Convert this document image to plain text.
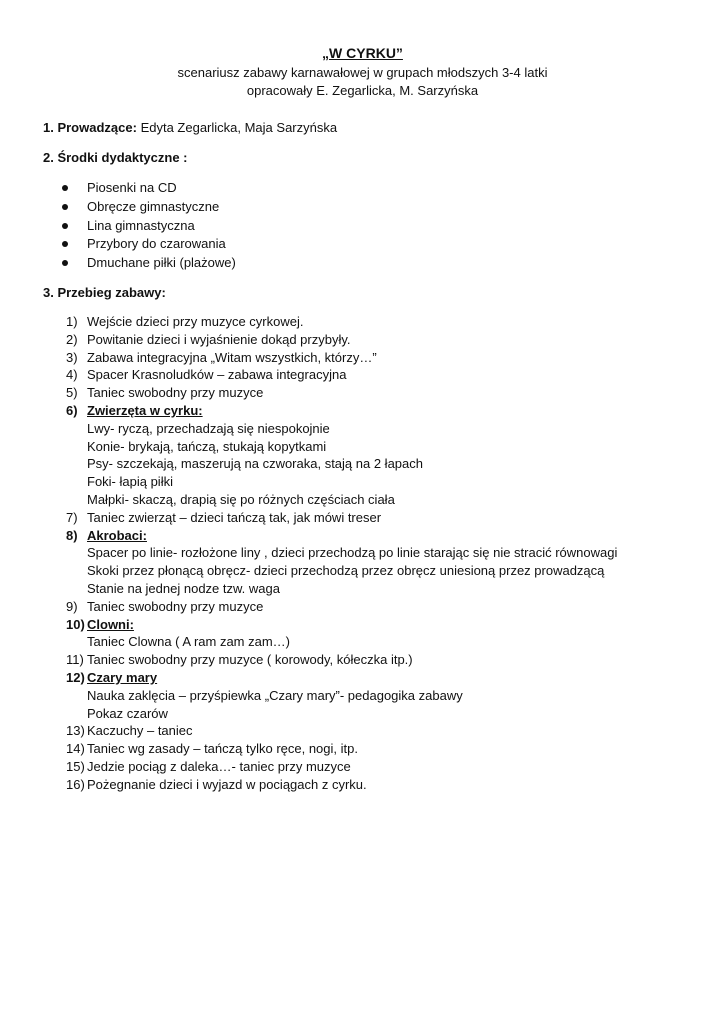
„W CYRKU”
scenariusz zabawy karnawałowej w grupach młodszych 3-4 latki
opracowały E. Zegarlicka, M. Sarzyńska
1. Prowadzące: Edyta Zegarlicka, Maja Sarzyńska
2. Środki dydaktyczne :
Piosenki na CD
Obręcze gimnastyczne
Lina gimnastyczna
Przybory do czarowania
Dmuchane piłki (plażowe)
3. Przebieg zabawy:
1) Wejście dzieci przy muzyce cyrkowej.
2) Powitanie dzieci i wyjaśnienie dokąd przybyły.
3) Zabawa integracyjna „Witam wszystkich, którzy…”
4) Spacer Krasnoludków – zabawa integracyjna
5) Taniec swobodny przy muzyce
6) Zwierzęta w cyrku:
Lwy- ryczą, przechadzają się niespokojnie
Konie- brykają, tańczą, stukają kopytkami
Psy- szczekają, maszerują na czworaka, stają na 2 łapach
Foki- łapią piłki
Małpki- skaczą, drapią się po różnych częściach ciała
7) Taniec zwierząt – dzieci tańczą tak, jak mówi treser
8) Akrobaci:
Spacer po linie- rozłożone liny , dzieci przechodzą po linie starając się nie stracić równowagi
Skoki przez płonącą obręcz- dzieci przechodzą przez obręcz uniesioną przez prowadzącą
Stanie na jednej nodze tzw. waga
9) Taniec swobodny przy muzyce
10) Clowni:
Taniec Clowna ( A ram zam zam…)
11) Taniec swobodny przy muzyce ( korowody, kółeczka itp.)
12) Czary mary
Nauka zaklęcia – przyśpiewka „Czary mary”- pedagogika zabawy
Pokaz czarów
13) Kaczuchy – taniec
14) Taniec wg zasady – tańczą tylko ręce, nogi, itp.
15) Jedzie pociąg z daleka…- taniec przy muzyce
16) Pożegnanie dzieci i wyjazd w pociągach z cyrku.
